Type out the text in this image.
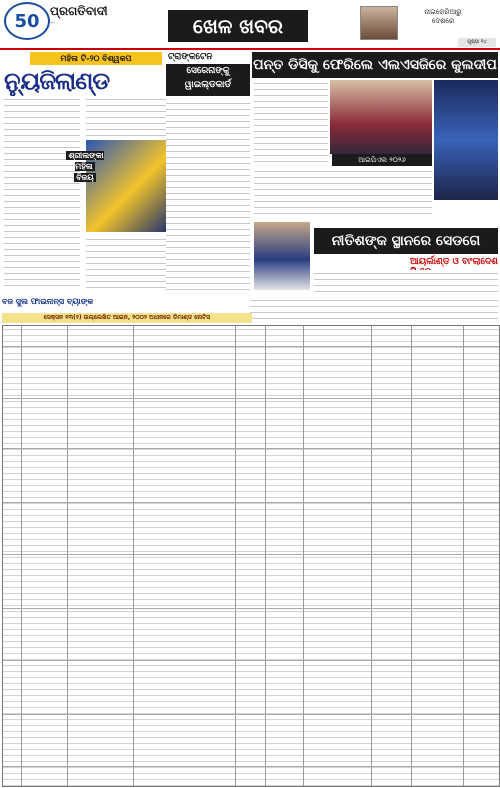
50 ପ୍ରଗତିବାଦୀ
—	ଖେଳ ଖବର
ନାଇଜେରିଆରୁ
ଦେଶରେ
ପୃଷ୍ଠା ୧୪
ମହିଳା ଟି-୨୦ ବିଶ୍ୱକପ
ନ୍ୟୁଜିଲାଣ୍ଡ
ଶ୍ରୀଲଙ୍କା ମହିଳା
ବିଜୟ
ଟ୍ରାଙ୍କଟେନ
ସେରେନାଙ୍କୁ
ୱାଇଲ୍ଡକାର୍ଡ
ପନ୍ତ ଡିସିକୁ ଫେରିଲେ ଏଲଏସଜିରେ କୁଲଦୀପ
ଆଇପିଏଲ ୨୦୨୬
ନୀତିଶଙ୍କ ସ୍ଥାନରେ ସେଡଗେ
ଆୟର୍ଲାଣ୍ଡ ଓ ବାଂଲାଦେଶ
ବଜ ସୁଲ ଫାଇନାନ୍ସ ବ୍ୟାଙ୍କ
ସେକ୍ସନ ୧୩(୨) ଉଲ୍ଲେଖିତ ଆଇନ, ୨୦୦୨ ଅଧୀନରେ ଡିମାଣ୍ଡ ନୋଟିସ
